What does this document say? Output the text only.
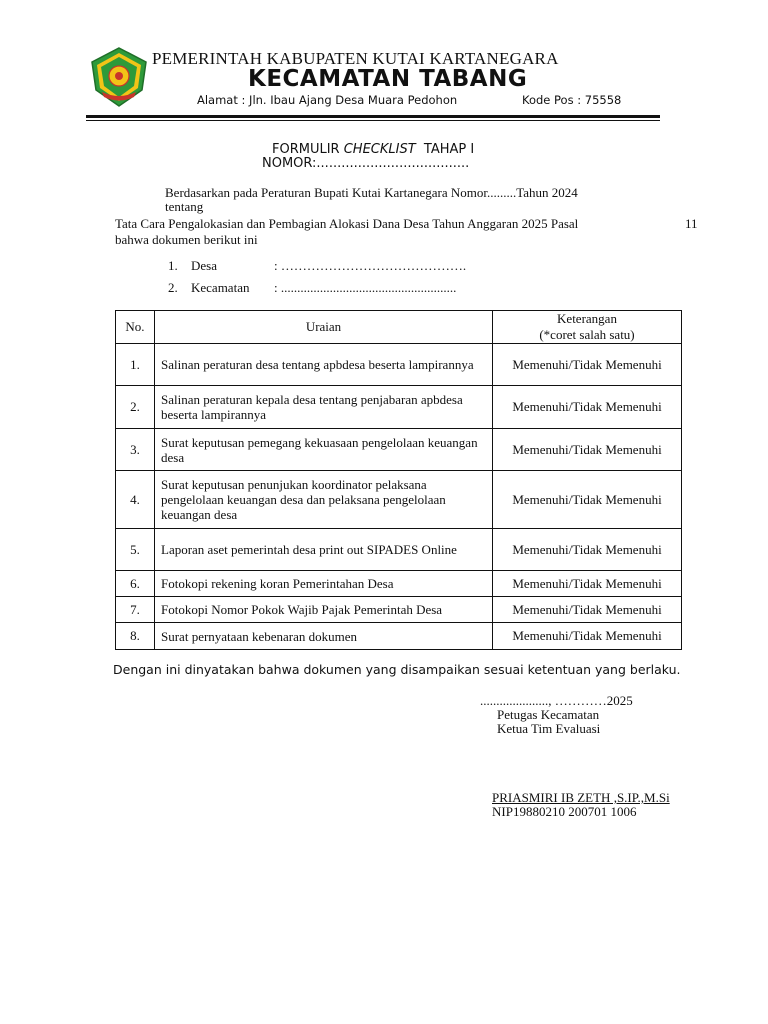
PEMERINTAH KABUPATEN KUTAI KARTANEGARA
KECAMATAN TABANG
Alamat : Jln. Ibau Ajang Desa Muara Pedohon	Kode Pos : 75558
FORMULIR CHECKLIST  TAHAP I
NOMOR:.....................................
Berdasarkan pada Peraturan Bupati Kutai Kartanegara Nomor.........Tahun 2024
tentang
Tata Cara Pengalokasian dan Pembagian Alokasi Dana Desa Tahun Anggaran 2025 Pasal	11
bahwa dokumen berikut ini
1. Desa	: …………………………………….
2. Kecamatan : ......................................................
No.	Uraian	Keterangan
(*coret salah satu)
1.	Salinan peraturan desa tentang apbdesa beserta lampirannya	Memenuhi/Tidak Memenuhi
2.	Salinan peraturan kepala desa tentang penjabaran apbdesa beserta lampirannya	Memenuhi/Tidak Memenuhi
3.	Surat keputusan pemegang kekuasaan pengelolaan keuangan desa	Memenuhi/Tidak Memenuhi
4.	Surat keputusan penunjukan koordinator pelaksana pengelolaan keuangan desa dan pelaksana pengelolaan keuangan desa	Memenuhi/Tidak Memenuhi
5.	Laporan aset pemerintah desa print out SIPADES Online	Memenuhi/Tidak Memenuhi
6.	Fotokopi rekening koran Pemerintahan Desa	Memenuhi/Tidak Memenuhi
7.	Fotokopi Nomor Pokok Wajib Pajak Pemerintah Desa	Memenuhi/Tidak Memenuhi
8.	Surat pernyataan kebenaran dokumen	Memenuhi/Tidak Memenuhi
Dengan ini dinyatakan bahwa dokumen yang disampaikan sesuai ketentuan yang berlaku.
....................., …………2025
Petugas Kecamatan
Ketua Tim Evaluasi
PRIASMIRI IB ZETH ,S.IP.,M.Si
NIP19880210 200701 1006
